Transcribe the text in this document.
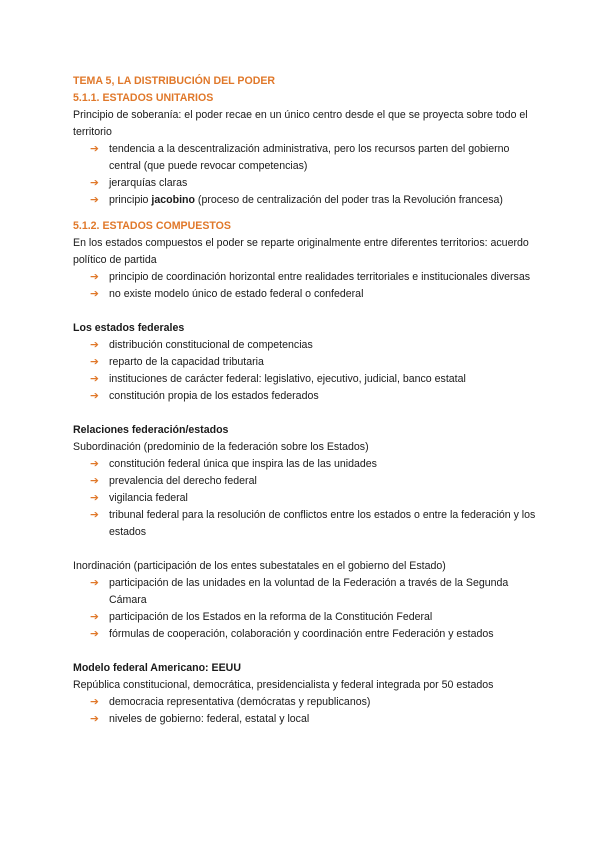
TEMA 5, LA DISTRIBUCIÓN DEL PODER
5.1.1. ESTADOS UNITARIOS
Principio de soberanía: el poder recae en un único centro desde el que se proyecta sobre todo el territorio
➔ tendencia a la descentralización administrativa, pero los recursos parten del gobierno central (que puede revocar competencias)
➔ jerarquías claras
➔ principio jacobino (proceso de centralización del poder tras la Revolución francesa)
5.1.2. ESTADOS COMPUESTOS
En los estados compuestos el poder se reparte originalmente entre diferentes territorios: acuerdo político de partida
➔ principio de coordinación horizontal entre realidades territoriales e institucionales diversas
➔ no existe modelo único de estado federal o confederal
Los estados federales
➔ distribución constitucional de competencias
➔ reparto de la capacidad tributaria
➔ instituciones de carácter federal: legislativo, ejecutivo, judicial, banco estatal
➔ constitución propia de los estados federados
Relaciones federación/estados
Subordinación (predominio de la federación sobre los Estados)
➔ constitución federal única que inspira las de las unidades
➔ prevalencia del derecho federal
➔ vigilancia federal
➔ tribunal federal para la resolución de conflictos entre los estados o entre la federación y los estados
Inordinación (participación de los entes subestatales en el gobierno del Estado)
➔ participación de las unidades en la voluntad de la Federación a través de la Segunda Cámara
➔ participación de los Estados en la reforma de la Constitución Federal
➔ fórmulas de cooperación, colaboración y coordinación entre Federación y estados
Modelo federal Americano: EEUU
República constitucional, democrática, presidencialista y federal integrada por 50 estados
➔ democracia representativa (demócratas y republicanos)
➔ niveles de gobierno: federal, estatal y local
